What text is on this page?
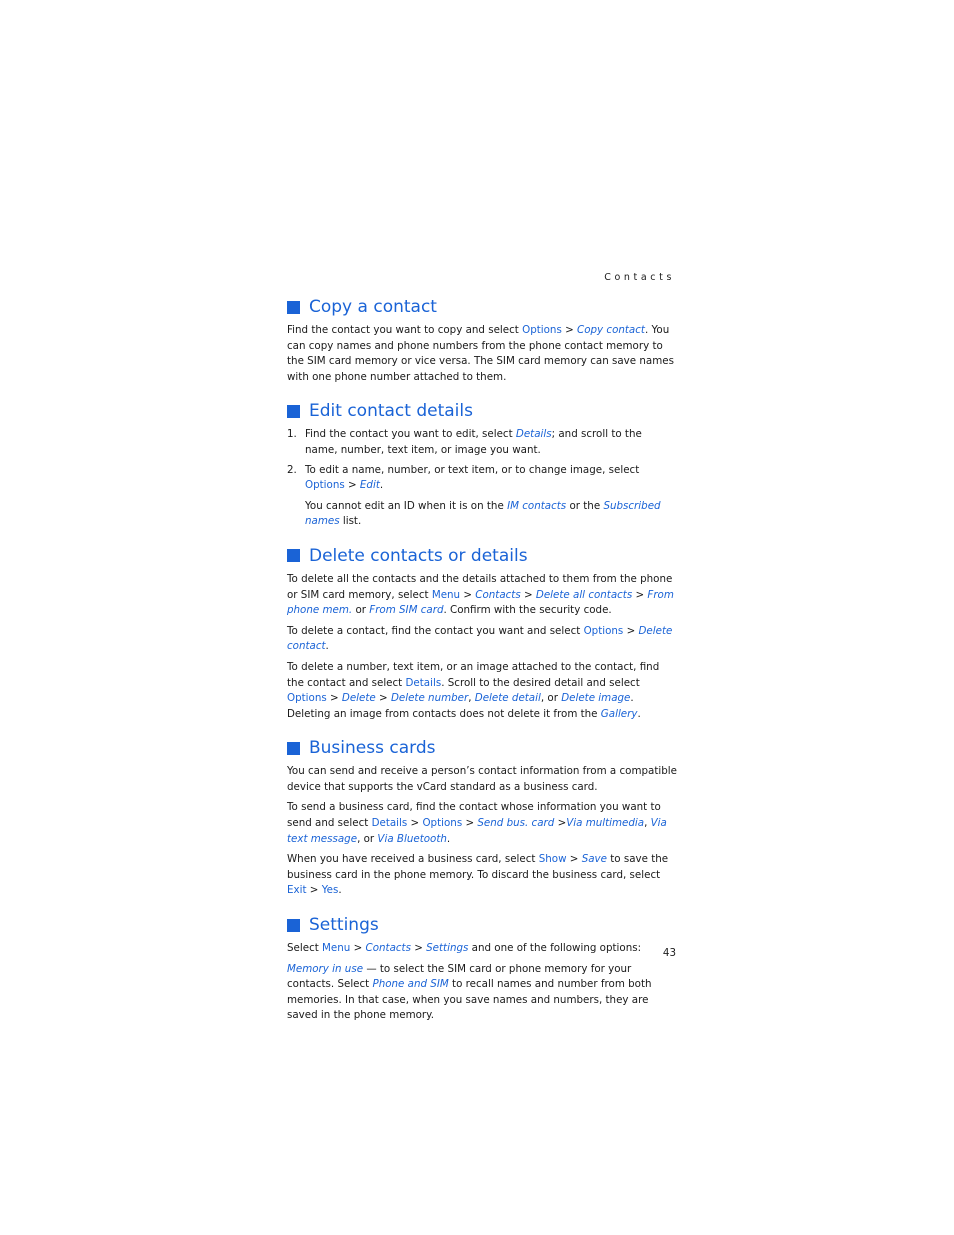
Contacts
Copy a contact

Find the contact you want to copy and select Options > Copy contact. You can copy names and phone numbers from the phone contact memory to the SIM card memory or vice versa. The SIM card memory can save names with one phone number attached to them.

Edit contact details
1. Find the contact you want to edit, select Details; and scroll to the name, number, text item, or image you want.
2. To edit a name, number, or text item, or to change image, select Options > Edit.

You cannot edit an ID when it is on the IM contacts or the Subscribed names list.

Delete contacts or details

To delete all the contacts and the details attached to them from the phone or SIM card memory, select Menu > Contacts > Delete all contacts > From phone mem. or From SIM card. Confirm with the security code.

To delete a contact, find the contact you want and select Options > Delete contact.

To delete a number, text item, or an image attached to the contact, find the contact and select Details. Scroll to the desired detail and select Options > Delete > Delete number, Delete detail, or Delete image. Deleting an image from contacts does not delete it from the Gallery.

Business cards

You can send and receive a person’s contact information from a compatible device that supports the vCard standard as a business card.

To send a business card, find the contact whose information you want to send and select Details > Options > Send bus. card >Via multimedia, Via text message, or Via Bluetooth.

When you have received a business card, select Show > Save to save the business card in the phone memory. To discard the business card, select Exit > Yes.

Settings

Select Menu > Contacts > Settings and one of the following options:

Memory in use — to select the SIM card or phone memory for your contacts. Select Phone and SIM to recall names and number from both memories. In that case, when you save names and numbers, they are saved in the phone memory.

43
